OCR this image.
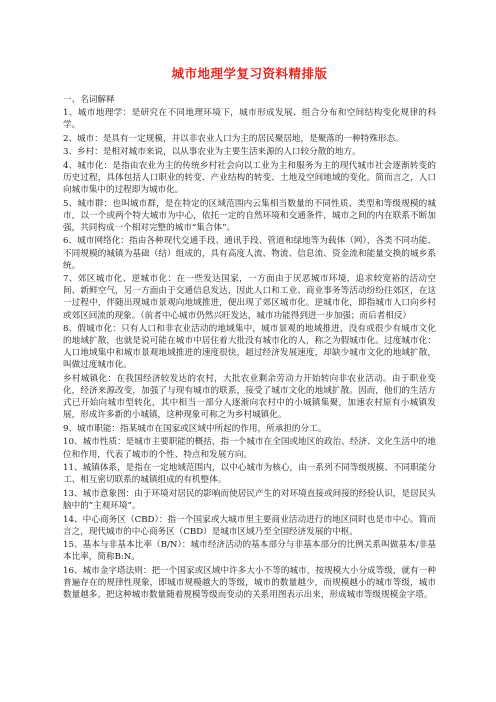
城市地理学复习资料精排版
一、名词解释

1、城市地理学：是研究在不同地理环境下，城市形成发展、组合分布和空间结构变化规律的科学。

2、城市：是具有一定规模，并以非农业人口为主的居民聚居地，是聚落的一种特殊形态。

3、乡村：是相对城市来说，以从事农业为主要生活来源的人口较分散的地方。

4、城市化：是指由农业为主的传统乡村社会向以工业为主和服务为主的现代城市社会逐渐转变的历史过程，具体包括人口职业的转变、产业结构的转变、土地及空间地域的变化。简而言之，人口向城市集中的过程即为城市化。

5、城市群：也叫城市群，是在特定的区域范围内云集相当数量的不同性质、类型和等级规模的城市，以一个或两个特大城市为中心，依托一定的自然环境和交通条件，城市之间的内在联系不断加强，共同构成一个相对完整的城市“集合体”。

6、城市网络化：指由各种现代交通手段、通讯手段、管道和绿地等为载体（网），各类不同功能、不同规模的城镇为基础（结）组成的，具有高度人流、物流、信息流、资金流和能量交换的城乡系统。

7、郊区城市化、逆城市化：在一些发达国家，一方面由于厌恶城市环境，追求较宽裕的活动空间、新鲜空气，另一方面由于交通信息发达，因此人口和工业、商业事务等活动纷纷往郊区，在这一过程中，伴随出现城市景观向地域推进，便出现了郊区城市化。逆城市化，即指城市人口向乡村或郊区回流的现象。（前者中心城市仍然兴旺发达，城市功能得到进一步加强；而后者相反）

8、假城市化：只有人口和非农业活动的地域集中，城市景观的地域推进，没有或很少有城市文化的地域扩散，也就是说可能在城市中居住着大批没有城市化的人，称之为假城市化。过度城市化：人口地域集中和城市景观地域推进的速度很快，超过经济发展速度，却缺少城市文化的地域扩散，叫做过度城市化。

乡村城镇化：在我国经济较发达的农村，大批农业剩余劳动力开始转向非农业活动。由于职业变化，经济来源改变，加强了与现有城市的联系，接受了城市文化的地域扩散。因而，他们的生活方式已开始向城市型转化，其中相当一部分人逐渐向农村中的小城镇集聚，加速农村原有小城镇发展，形成许多新的小城镇，这种现象可称之为乡村城镇化。

9、城市职能：指某城市在国家或区域中所起的作用，所承担的分工。

10、城市性质：是城市主要职能的概括，指一个城市在全国或地区的政治、经济、文化生活中的地位和作用，代表了城市的个性、特点和发展方向。

11、城镇体系，是指在一定地域范围内，以中心城市为核心，由一系列不同等级规模、不同职能分工、相互密切联系的城镇组成的有机整体。

13、城市意象图：由于环境对居民的影响而使居民产生的对环境直接或间接的经验认识，是居民头脑中的“主观环境”。

14、中心商务区（CBD）：指一个国家或大城市里主要商业活动进行的地区同时也是市中心。简而言之，现代城市的中心商务区（CBD）是城市区域乃至全国经济发展的中枢。

15、基本与非基本比率（B/N）：城市经济活动的基本部分与非基本部分的比例关系叫做基本/非基本比率，简称B:N。

16、城市金字塔法则：把一个国家或区域中许多大小不等的城市，按规模大小分成等级，就有一种普遍存在的规律性现象，即城市规模越大的等级，城市的数量越少，而规模越小的城市等级，城市数量越多。把这种城市数量随着规模等级而变动的关系用图表示出来，形成城市等级规模金字塔。
